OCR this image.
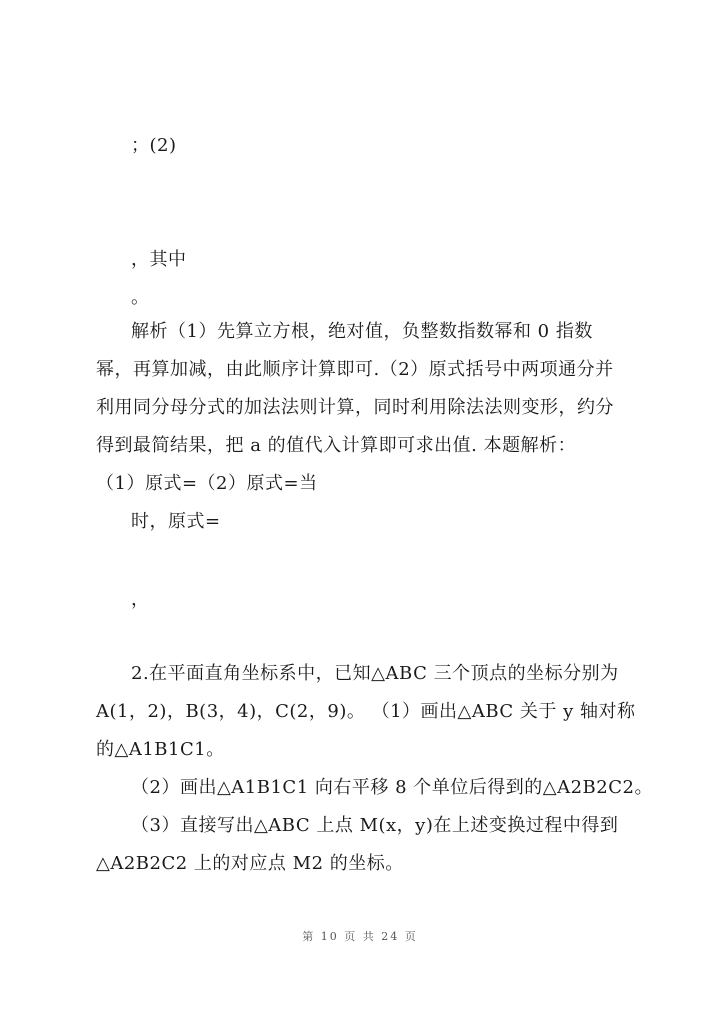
；(2)
，其中
。
解析（1）先算立方根，绝对值，负整数指数幂和 0 指数
幂，再算加减，由此顺序计算即可.（2）原式括号中两项通分并
利用同分母分式的加法法则计算，同时利用除法法则变形，约分
得到最简结果，把 a 的值代入计算即可求出值. 本题解析：
（1）原式=（2）原式=当
时，原式=
，
2.在平面直角坐标系中，已知△ABC 三个顶点的坐标分别为
A(1，2)，B(3，4)，C(2，9)。 （1）画出△ABC 关于 y 轴对称
的△A1B1C1。
（2）画出△A1B1C1 向右平移 8 个单位后得到的△A2B2C2。
（3）直接写出△ABC 上点 M(x，y)在上述变换过程中得到
△A2B2C2 上的对应点 M2 的坐标。
第 10 页 共 24 页
